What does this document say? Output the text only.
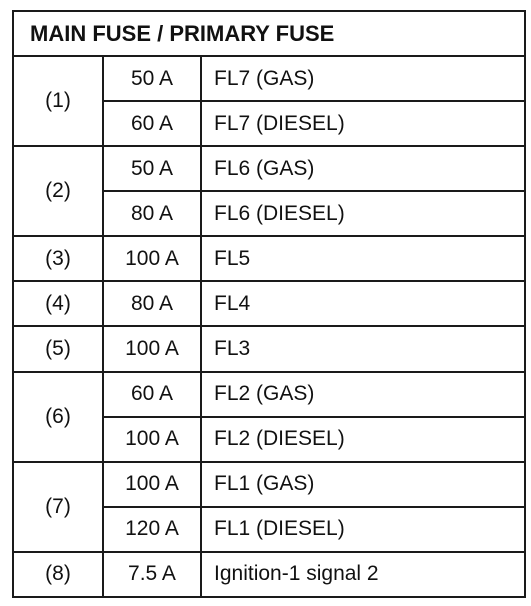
MAIN FUSE / PRIMARY FUSE		
(1)	50 A	FL7 (GAS)
	60 A	FL7 (DIESEL)
(2)	50 A	FL6 (GAS)
	80 A	FL6 (DIESEL)
(3)	100 A	FL5
(4)	80 A	FL4
(5)	100 A	FL3
(6)	60 A	FL2 (GAS)
	100 A	FL2 (DIESEL)
(7)	100 A	FL1 (GAS)
	120 A	FL1 (DIESEL)
(8)	7.5 A	Ignition-1 signal 2
